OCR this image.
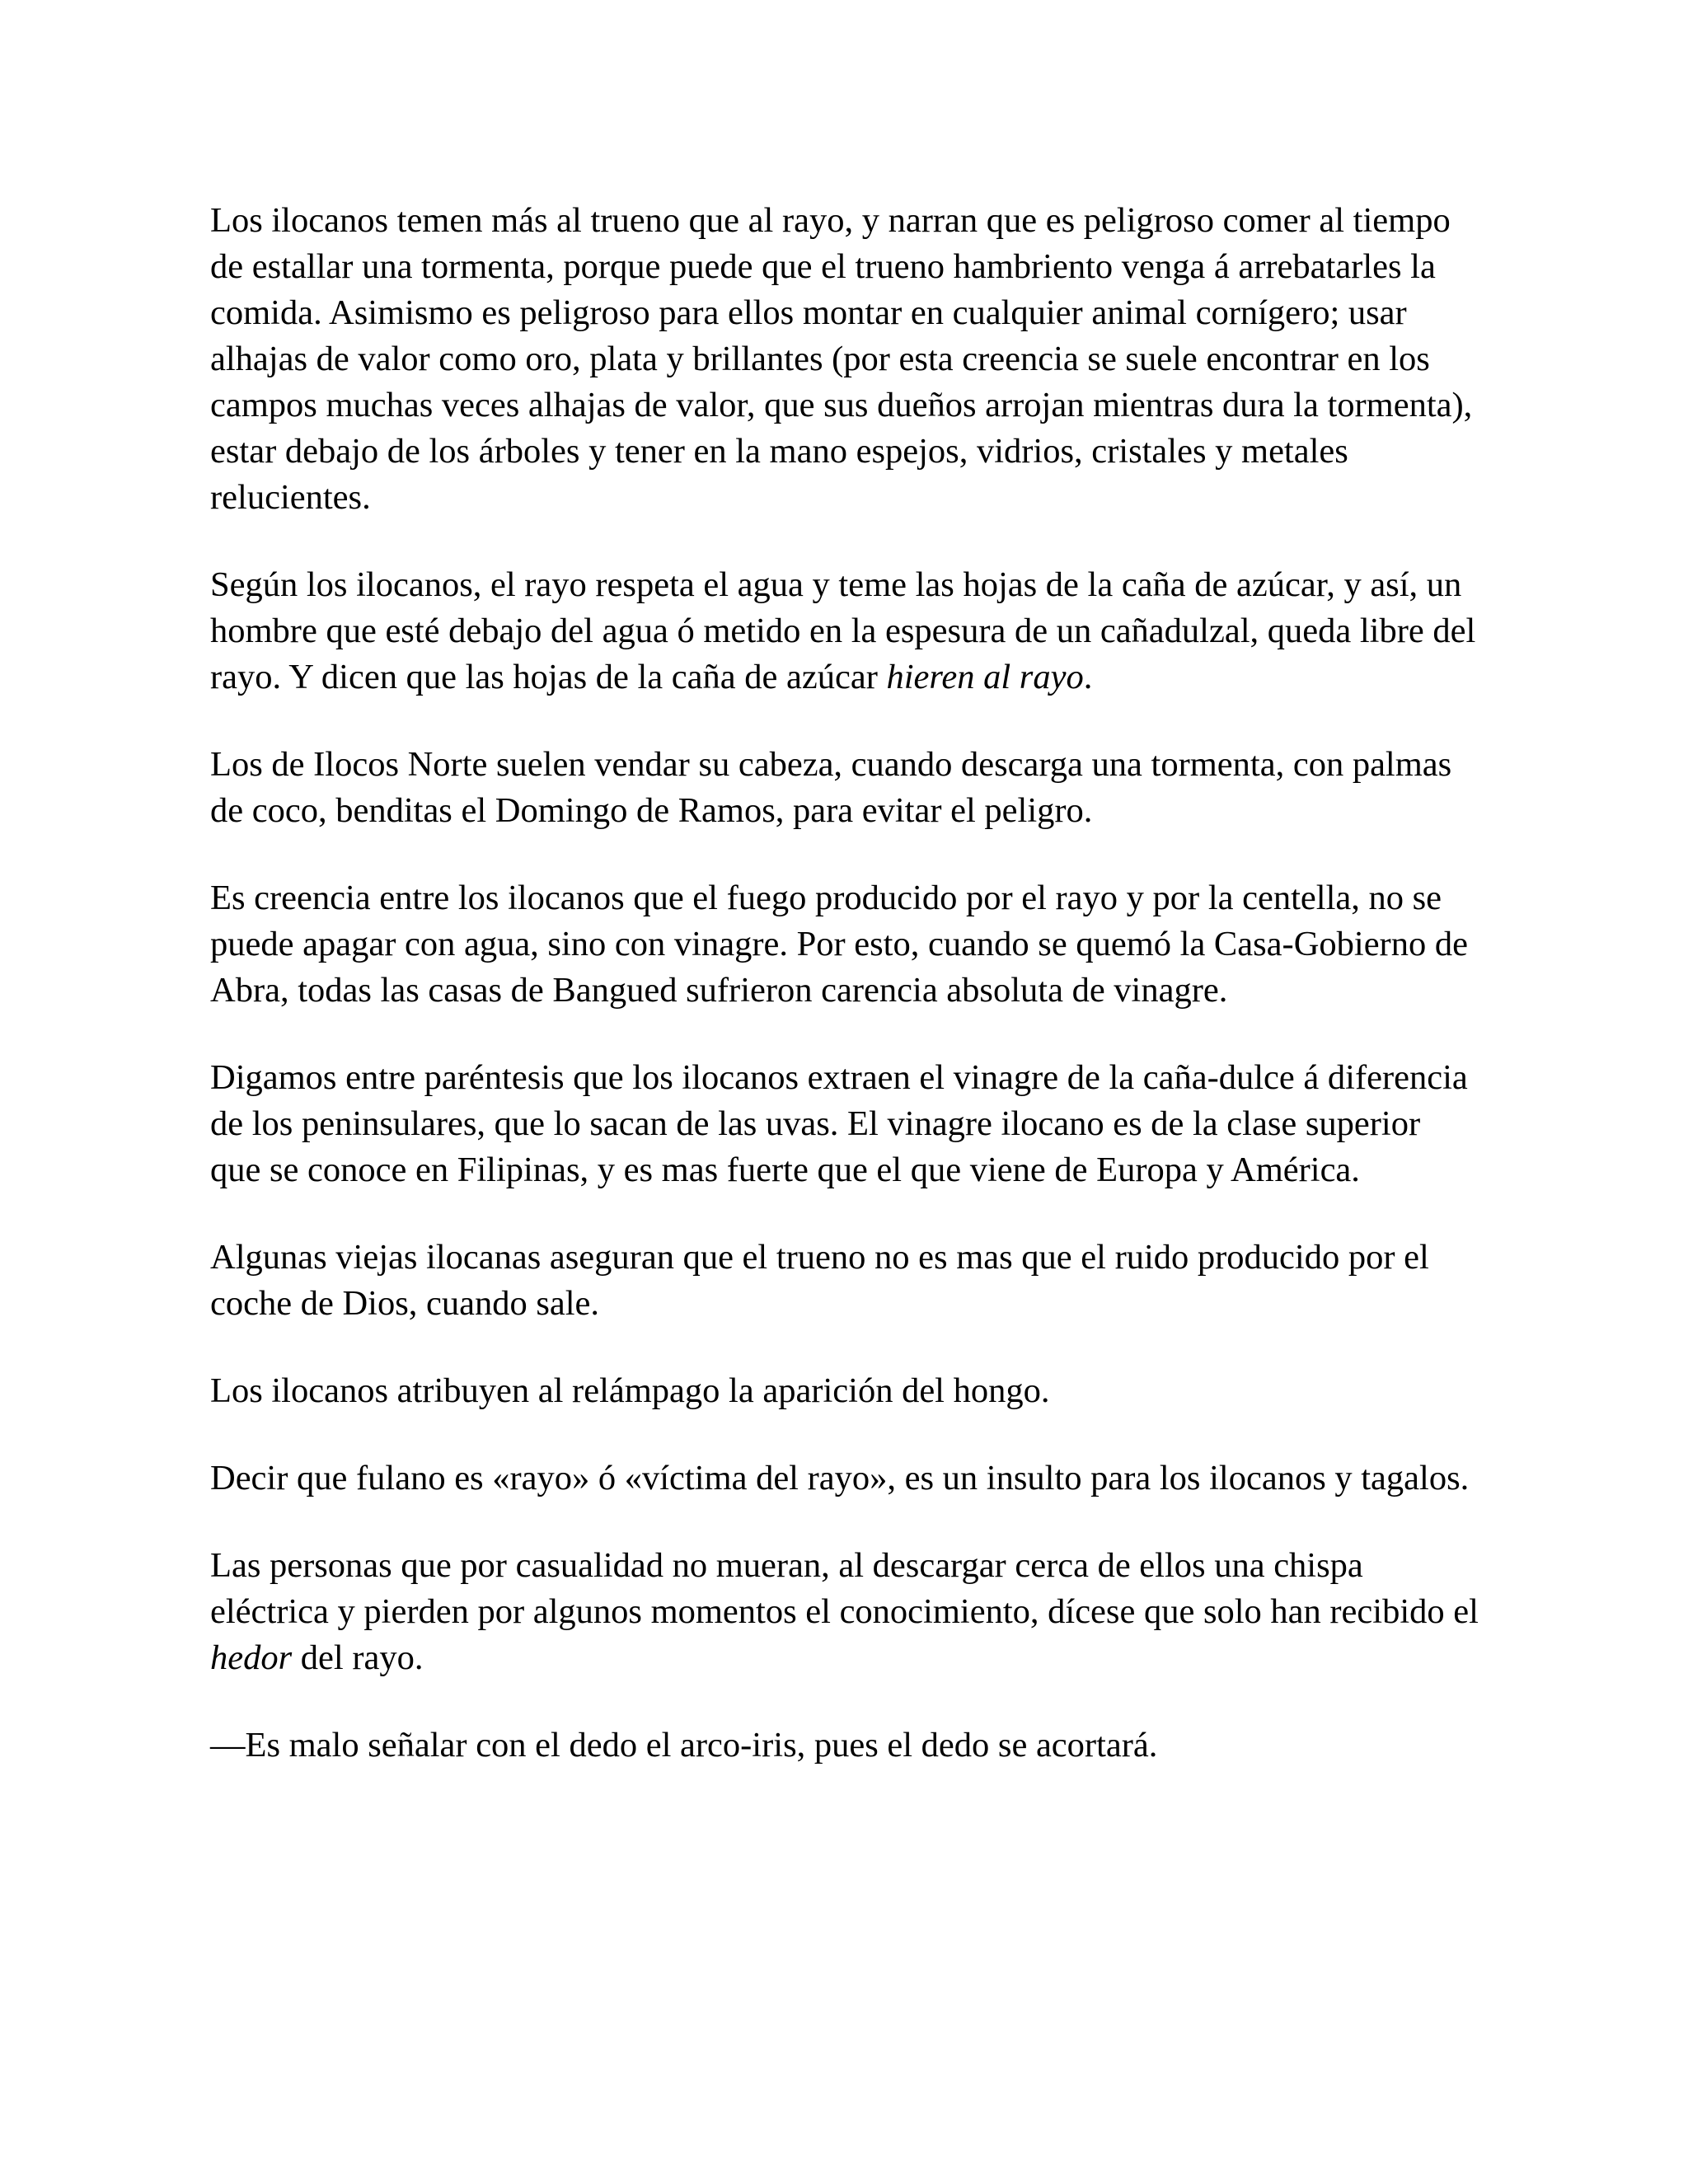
Los ilocanos temen más al trueno que al rayo, y narran que es peligroso comer al tiempo de estallar una tormenta, porque puede que el trueno hambriento venga á arrebatarles la comida. Asimismo es peligroso para ellos montar en cualquier animal cornígero; usar alhajas de valor como oro, plata y brillantes (por esta creencia se suele encontrar en los campos muchas veces alhajas de valor, que sus dueños arrojan mientras dura la tormenta), estar debajo de los árboles y tener en la mano espejos, vidrios, cristales y metales relucientes.

Según los ilocanos, el rayo respeta el agua y teme las hojas de la caña de azúcar, y así, un hombre que esté debajo del agua ó metido en la espesura de un cañadulzal, queda libre del rayo. Y dicen que las hojas de la caña de azúcar hieren al rayo.

Los de Ilocos Norte suelen vendar su cabeza, cuando descarga una tormenta, con palmas de coco, benditas el Domingo de Ramos, para evitar el peligro.

Es creencia entre los ilocanos que el fuego producido por el rayo y por la centella, no se puede apagar con agua, sino con vinagre. Por esto, cuando se quemó la Casa-Gobierno de Abra, todas las casas de Bangued sufrieron carencia absoluta de vinagre.

Digamos entre paréntesis que los ilocanos extraen el vinagre de la caña-dulce á diferencia de los peninsulares, que lo sacan de las uvas. El vinagre ilocano es de la clase superior que se conoce en Filipinas, y es mas fuerte que el que viene de Europa y América.

Algunas viejas ilocanas aseguran que el trueno no es mas que el ruido producido por el coche de Dios, cuando sale.

Los ilocanos atribuyen al relámpago la aparición del hongo.

Decir que fulano es «rayo» ó «víctima del rayo», es un insulto para los ilocanos y tagalos.

Las personas que por casualidad no mueran, al descargar cerca de ellos una chispa eléctrica y pierden por algunos momentos el conocimiento, dícese que solo han recibido el hedor del rayo.

—Es malo señalar con el dedo el arco-iris, pues el dedo se acortará.
